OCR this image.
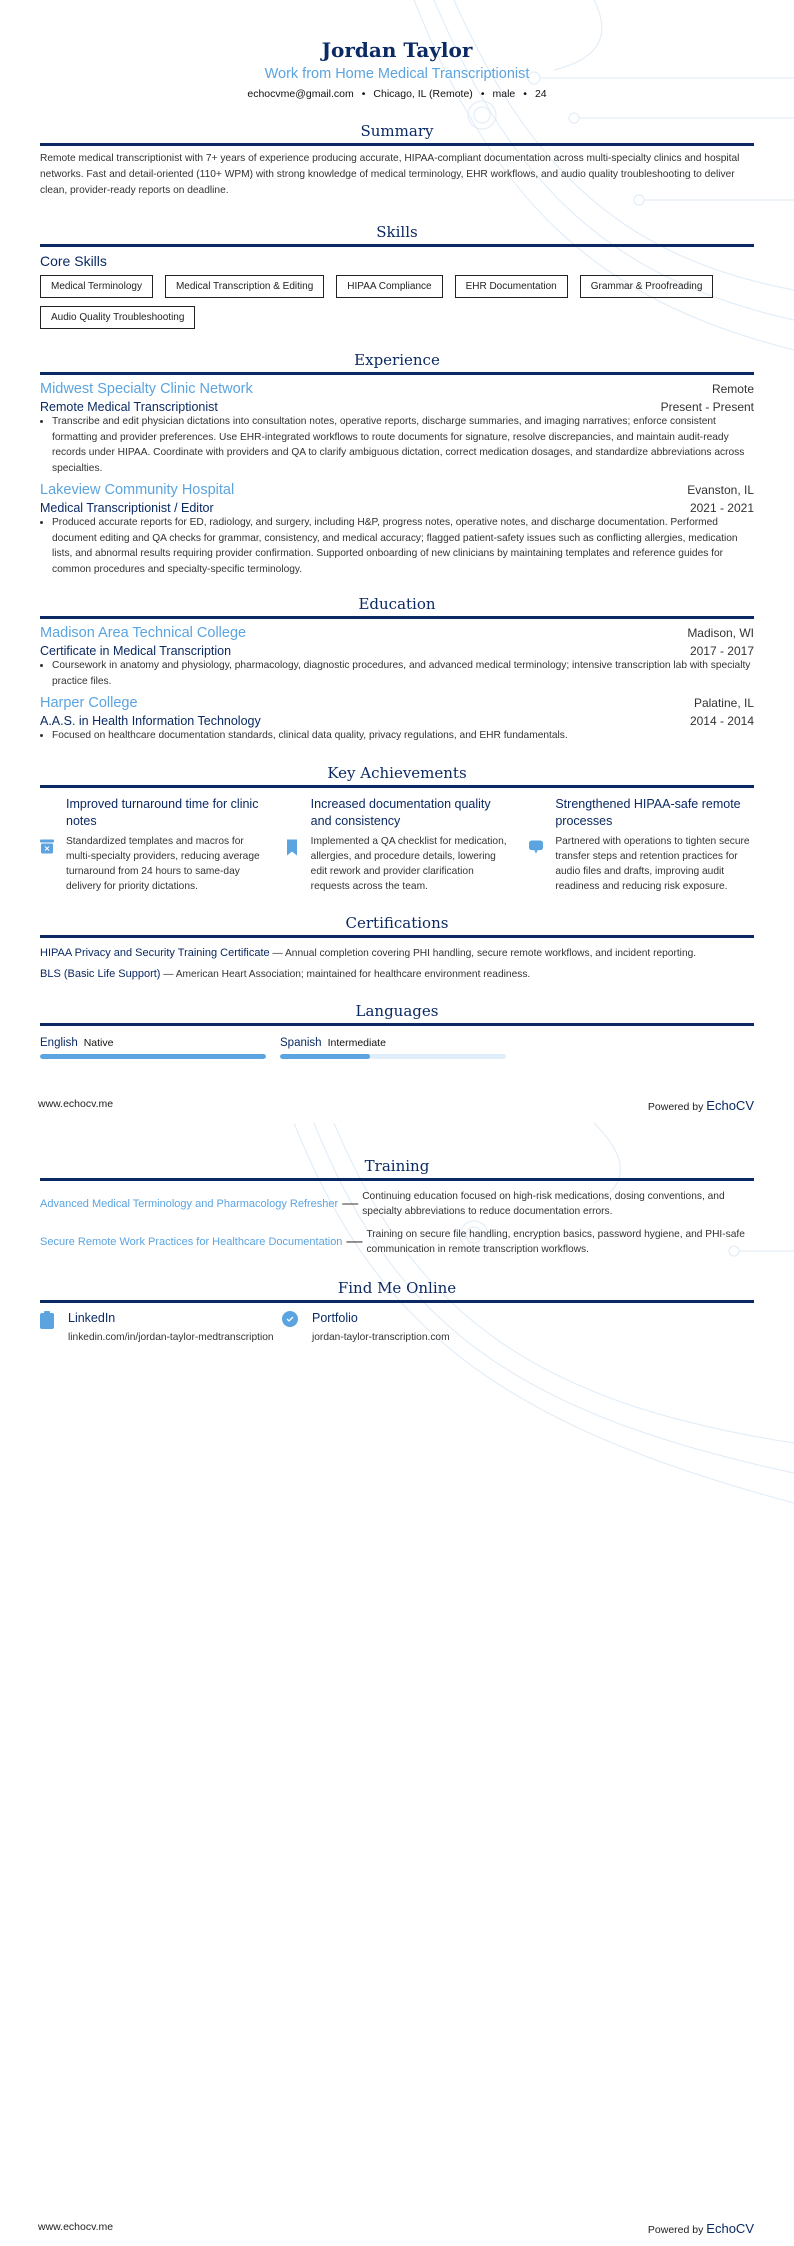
Jordan Taylor
Work from Home Medical Transcriptionist
echocvme@gmail.com • Chicago, IL (Remote) • male • 24
Summary
Remote medical transcriptionist with 7+ years of experience producing accurate, HIPAA-compliant documentation across multi-specialty clinics and hospital networks. Fast and detail-oriented (110+ WPM) with strong knowledge of medical terminology, EHR workflows, and audio quality troubleshooting to deliver clean, provider-ready reports on deadline.
Skills
Core Skills
Medical Terminology	Medical Transcription & Editing	HIPAA Compliance	EHR Documentation	Grammar & Proofreading
Audio Quality Troubleshooting
Experience
Midwest Specialty Clinic Network	Remote
Remote Medical Transcriptionist	Present - Present
• Transcribe and edit physician dictations into consultation notes, operative reports, discharge summaries, and imaging narratives; enforce consistent formatting and provider preferences. Use EHR-integrated workflows to route documents for signature, resolve discrepancies, and maintain audit-ready records under HIPAA. Coordinate with providers and QA to clarify ambiguous dictation, correct medication dosages, and standardize abbreviations across specialties.
Lakeview Community Hospital	Evanston, IL
Medical Transcriptionist / Editor	2021 - 2021
• Produced accurate reports for ED, radiology, and surgery, including H&P, progress notes, operative notes, and discharge documentation. Performed document editing and QA checks for grammar, consistency, and medical accuracy; flagged patient-safety issues such as conflicting allergies, medication lists, and abnormal results requiring provider confirmation. Supported onboarding of new clinicians by maintaining templates and reference guides for common procedures and specialty-specific terminology.
Education
Madison Area Technical College	Madison, WI
Certificate in Medical Transcription	2017 - 2017
• Coursework in anatomy and physiology, pharmacology, diagnostic procedures, and advanced medical terminology; intensive transcription lab with specialty practice files.
Harper College	Palatine, IL
A.A.S. in Health Information Technology	2014 - 2014
• Focused on healthcare documentation standards, clinical data quality, privacy regulations, and EHR fundamentals.
Key Achievements
Improved turnaround time for clinic notes
Standardized templates and macros for multi-specialty providers, reducing average turnaround from 24 hours to same-day delivery for priority dictations.
Increased documentation quality and consistency
Implemented a QA checklist for medication, allergies, and procedure details, lowering edit rework and provider clarification requests across the team.
Strengthened HIPAA-safe remote processes
Partnered with operations to tighten secure transfer steps and retention practices for audio files and drafts, improving audit readiness and reducing risk exposure.
Certifications
HIPAA Privacy and Security Training Certificate — Annual completion covering PHI handling, secure remote workflows, and incident reporting.
BLS (Basic Life Support) — American Heart Association; maintained for healthcare environment readiness.
Languages
English Native	Spanish Intermediate
www.echocv.me	Powered by EchoCV
Training
Advanced Medical Terminology and Pharmacology Refresher — Continuing education focused on high-risk medications, dosing conventions, and specialty abbreviations to reduce documentation errors.
Secure Remote Work Practices for Healthcare Documentation — Training on secure file handling, encryption basics, password hygiene, and PHI-safe communication in remote transcription workflows.
Find Me Online
LinkedIn
linkedin.com/in/jordan-taylor-medtranscription
Portfolio
jordan-taylor-transcription.com
www.echocv.me	Powered by EchoCV
